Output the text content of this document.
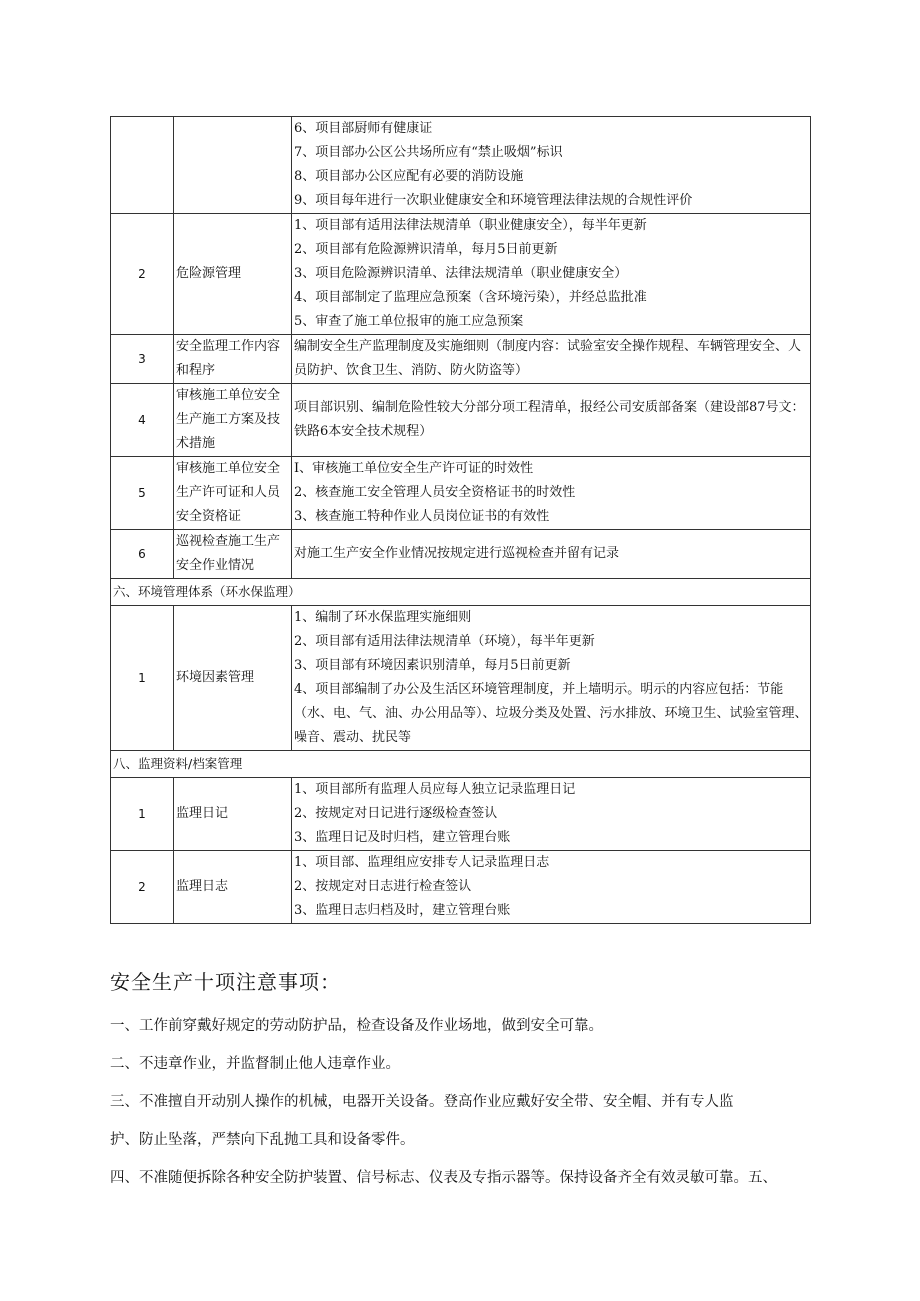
		6、项目部厨师有健康证
7、项目部办公区公共场所应有“禁止吸烟”标识
8、项目部办公区应配有必要的消防设施
9、项目每年进行一次职业健康安全和环境管理法律法规的合规性评价

2	危险源管理	1、项目部有适用法律法规清单（职业健康安全），每半年更新
2、项目部有危险源辨识清单，每月5日前更新
3、项目危险源辨识清单、法律法规清单（职业健康安全）
4、项目部制定了监理应急预案（含环境污染），并经总监批准
5、审查了施工单位报审的施工应急预案

3	安全监理工作内容和程序	编制安全生产监理制度及实施细则（制度内容：试验室安全操作规程、车辆管理安全、人员防护、饮食卫生、消防、防火防盗等）

4	审核施工单位安全生产施工方案及技术措施	项目部识别、编制危险性较大分部分项工程清单，报经公司安质部备案（建设部87号文：铁路6本安全技术规程）

5	审核施工单位安全生产许可证和人员安全资格证	I、审核施工单位安全生产许可证的时效性
2、核查施工安全管理人员安全资格证书的时效性
3、核查施工特种作业人员岗位证书的有效性

6	巡视检查施工生产安全作业情况	对施工生产安全作业情况按规定进行巡视检查并留有记录

六、环境管理体系（环水保监理）		
1	环境因素管理	1、编制了环水保监理实施细则
2、项目部有适用法律法规清单（环境），每半年更新
3、项目部有环境因素识别清单，每月5日前更新
4、项目部编制了办公及生活区环境管理制度，并上墙明示。明示的内容应包括：节能（水、电、气、油、办公用品等）、垃圾分类及处置、污水排放、环境卫生、试验室管理、噪音、震动、扰民等

八、监理资料/档案管理		
1	监理日记	1、项目部所有监理人员应每人独立记录监理日记
2、按规定对日记进行逐级检查签认
3、监理日记及时归档，建立管理台账

2	监理日志	1、项目部、监理组应安排专人记录监理日志
2、按规定对日志进行检查签认
3、监理日志归档及时，建立管理台账
安全生产十项注意事项：

一、工作前穿戴好规定的劳动防护品，检查设备及作业场地，做到安全可靠。

二、不违章作业，并监督制止他人违章作业。

三、不准擅自开动别人操作的机械，电器开关设备。登高作业应戴好安全带、安全帽、并有专人监

护、防止坠落，严禁向下乱抛工具和设备零件。

四、不准随便拆除各种安全防护装置、信号标志、仪表及专指示器等。保持设备齐全有效灵敏可靠。五、
